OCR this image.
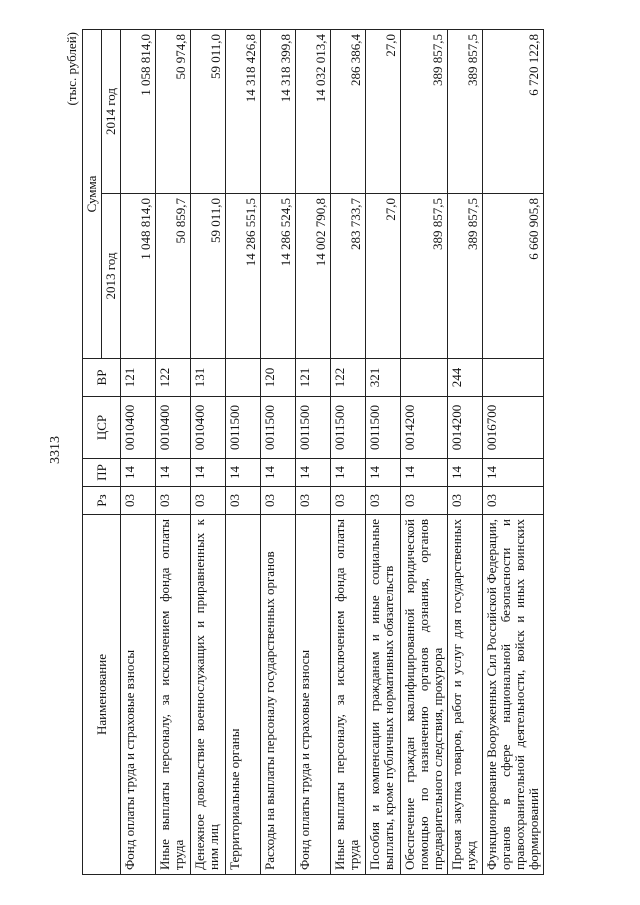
3313
(тыс. рублей)
Наименование	Рз	ПР	ЦСР	ВР	Сумма	
					2013 год	2014 год
Фонд оплаты труда и страховые взносы	03	14	0010400	121	1 048 814,0	1 058 814,0
Иные выплаты персоналу, за исключением фонда оплаты труда	03	14	0010400	122	50 859,7	50 974,8
Денежное довольствие военнослужащих и приравненных к ним лиц	03	14	0010400	131	59 011,0	59 011,0
Территориальные органы	03	14	0011500		14 286 551,5	14 318 426,8
Расходы на выплаты персоналу государственных органов	03	14	0011500	120	14 286 524,5	14 318 399,8
Фонд оплаты труда и страховые взносы	03	14	0011500	121	14 002 790,8	14 032 013,4
Иные выплаты персоналу, за исключением фонда оплаты труда	03	14	0011500	122	283 733,7	286 386,4
Пособия и компенсации гражданам и иные социальные выплаты, кроме публичных нормативных обязательств	03	14	0011500	321	27,0	27,0
Обеспечение граждан квалифицированной юридической помощью по назначению органов дознания, органов предварительного следствия, прокурора	03	14	0014200		389 857,5	389 857,5
Прочая закупка товаров, работ и услуг для государственных нужд	03	14	0014200	244	389 857,5	389 857,5
Функционирование Вооруженных Сил Российской Федерации, органов в сфере национальной безопасности и правоохранительной деятельности, войск и иных воинских формирований	03	14	0016700		6 660 905,8	6 720 122,8
